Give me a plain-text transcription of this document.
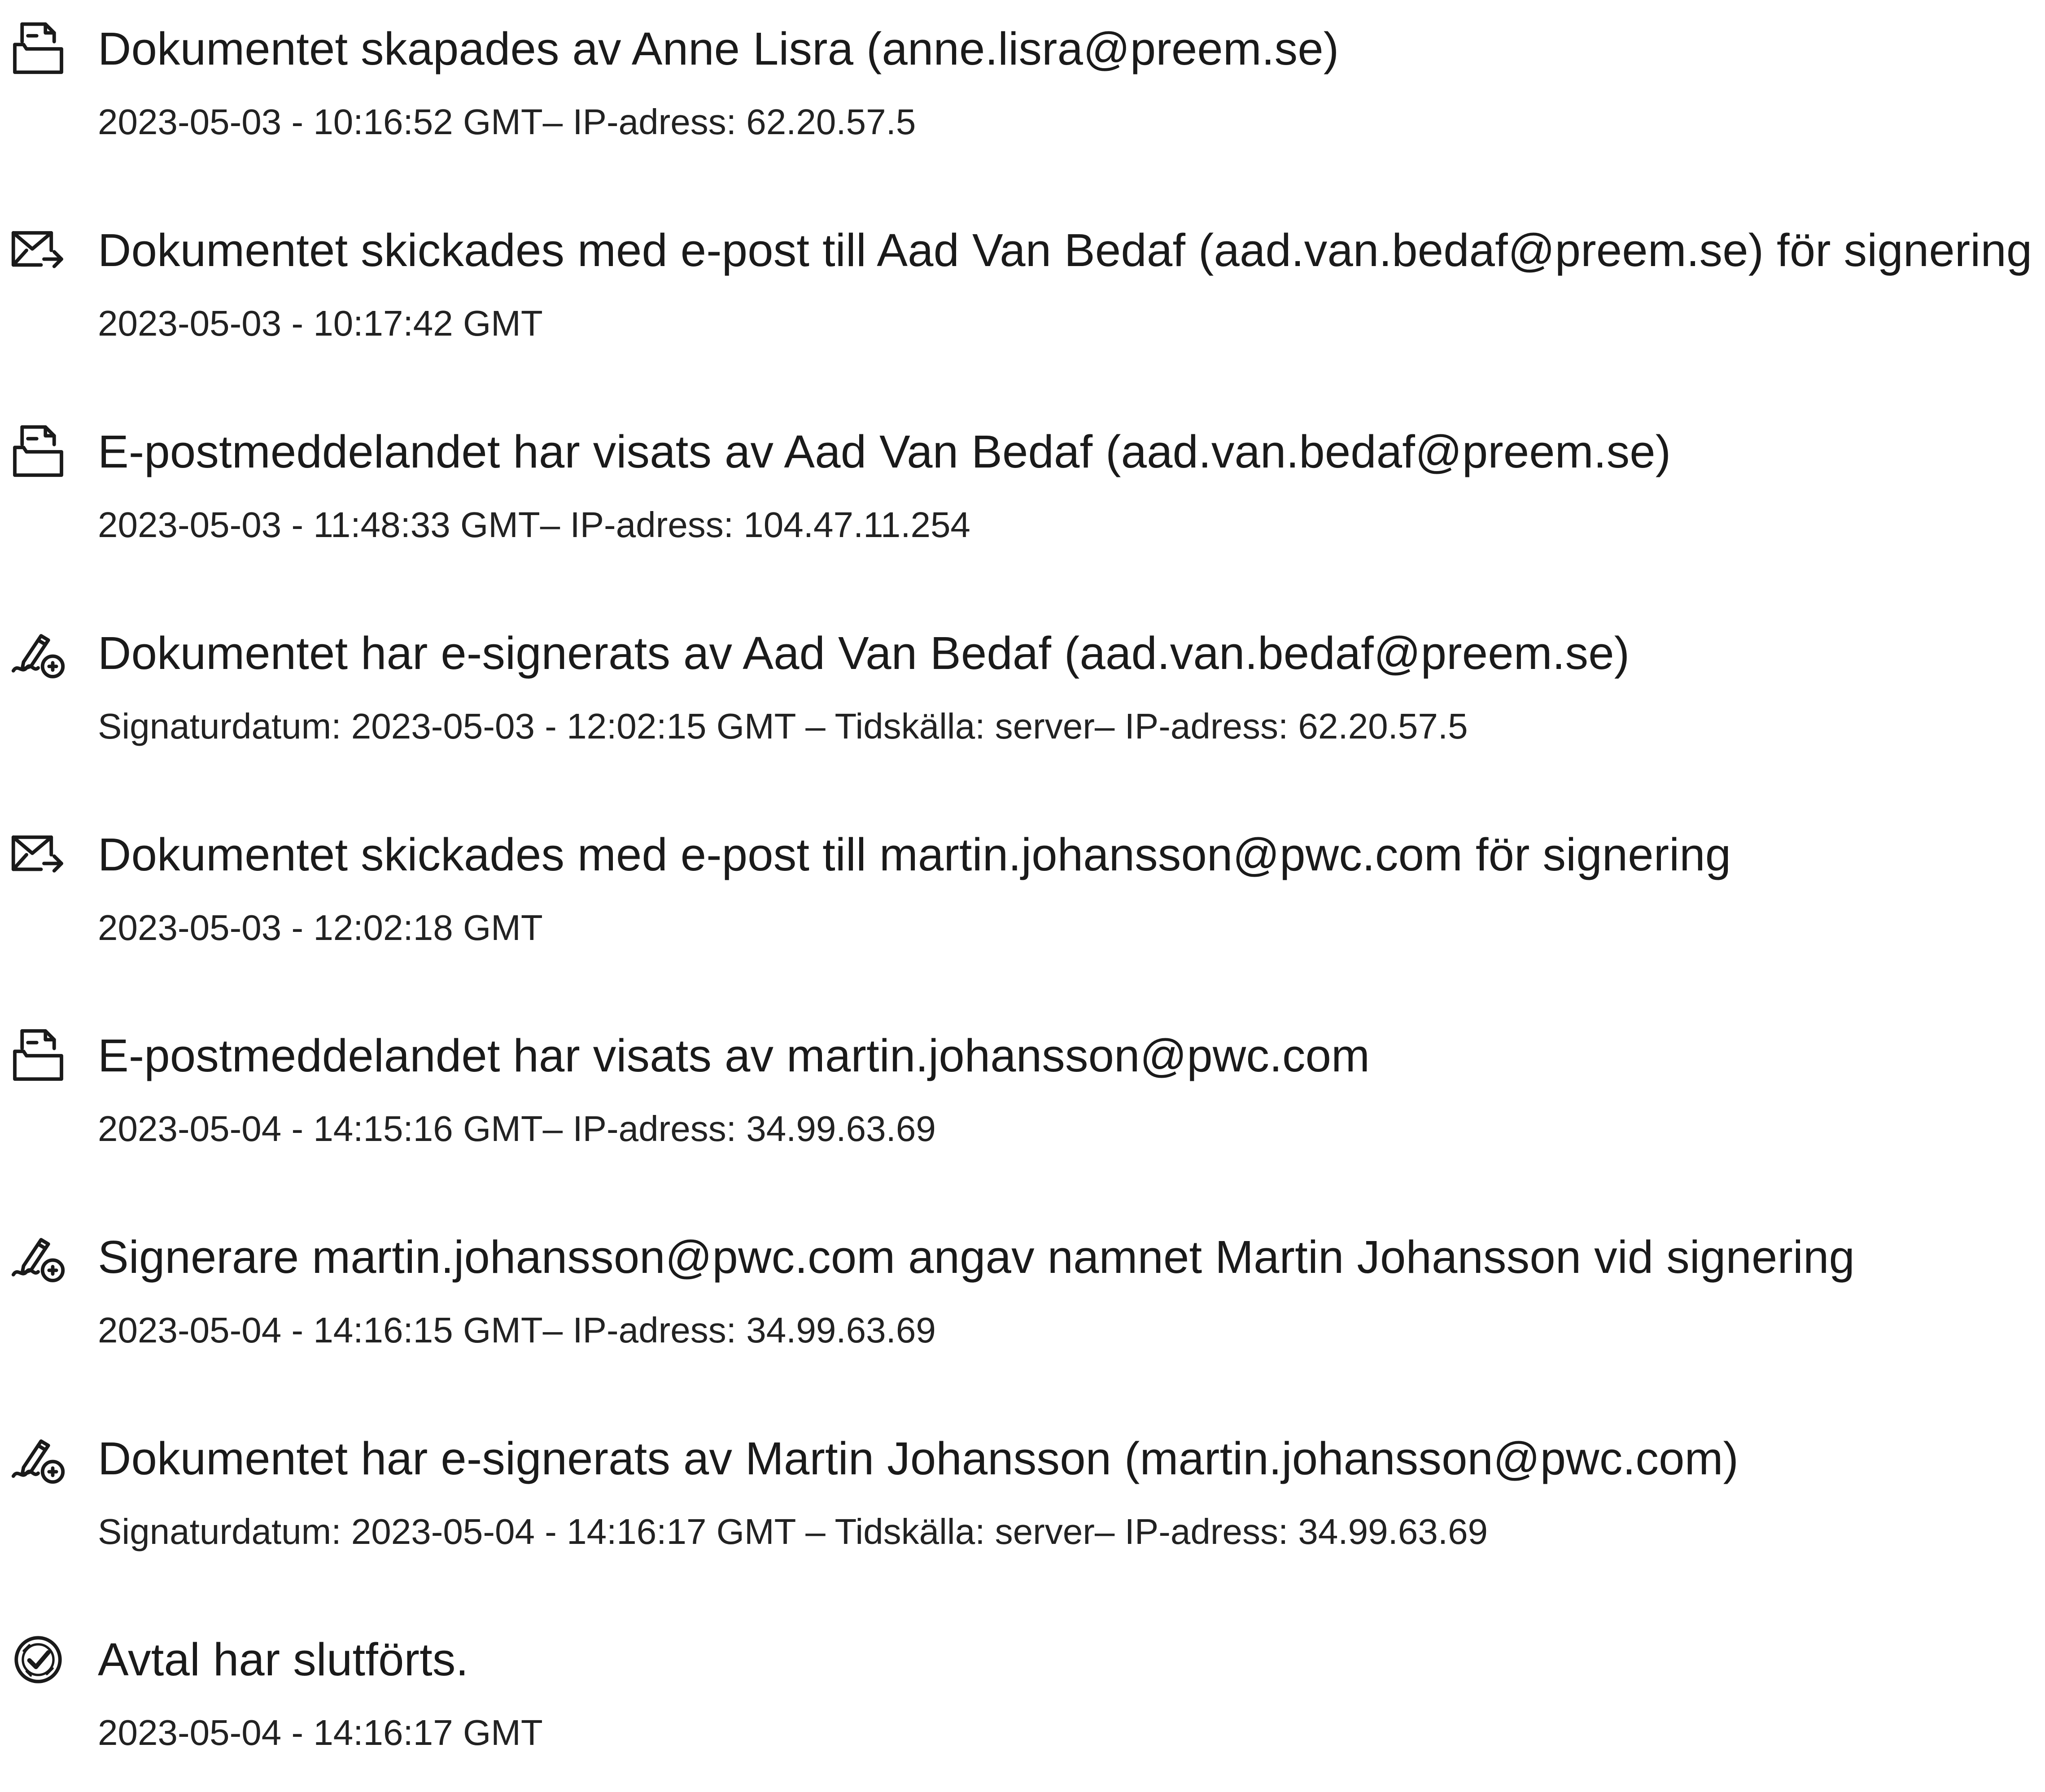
Dokumentet skapades av Anne Lisra (anne.lisra@preem.se)
2023-05-03 - 10:16:52 GMT– IP-adress: 62.20.57.5
Dokumentet skickades med e-post till Aad Van Bedaf (aad.van.bedaf@preem.se) för signering
2023-05-03 - 10:17:42 GMT
E-postmeddelandet har visats av Aad Van Bedaf (aad.van.bedaf@preem.se)
2023-05-03 - 11:48:33 GMT– IP-adress: 104.47.11.254
Dokumentet har e-signerats av Aad Van Bedaf (aad.van.bedaf@preem.se)
Signaturdatum: 2023-05-03 - 12:02:15 GMT – Tidskälla: server– IP-adress: 62.20.57.5
Dokumentet skickades med e-post till martin.johansson@pwc.com för signering
2023-05-03 - 12:02:18 GMT
E-postmeddelandet har visats av martin.johansson@pwc.com
2023-05-04 - 14:15:16 GMT– IP-adress: 34.99.63.69
Signerare martin.johansson@pwc.com angav namnet Martin Johansson vid signering
2023-05-04 - 14:16:15 GMT– IP-adress: 34.99.63.69
Dokumentet har e-signerats av Martin Johansson (martin.johansson@pwc.com)
Signaturdatum: 2023-05-04 - 14:16:17 GMT – Tidskälla: server– IP-adress: 34.99.63.69
Avtal har slutförts.
2023-05-04 - 14:16:17 GMT
